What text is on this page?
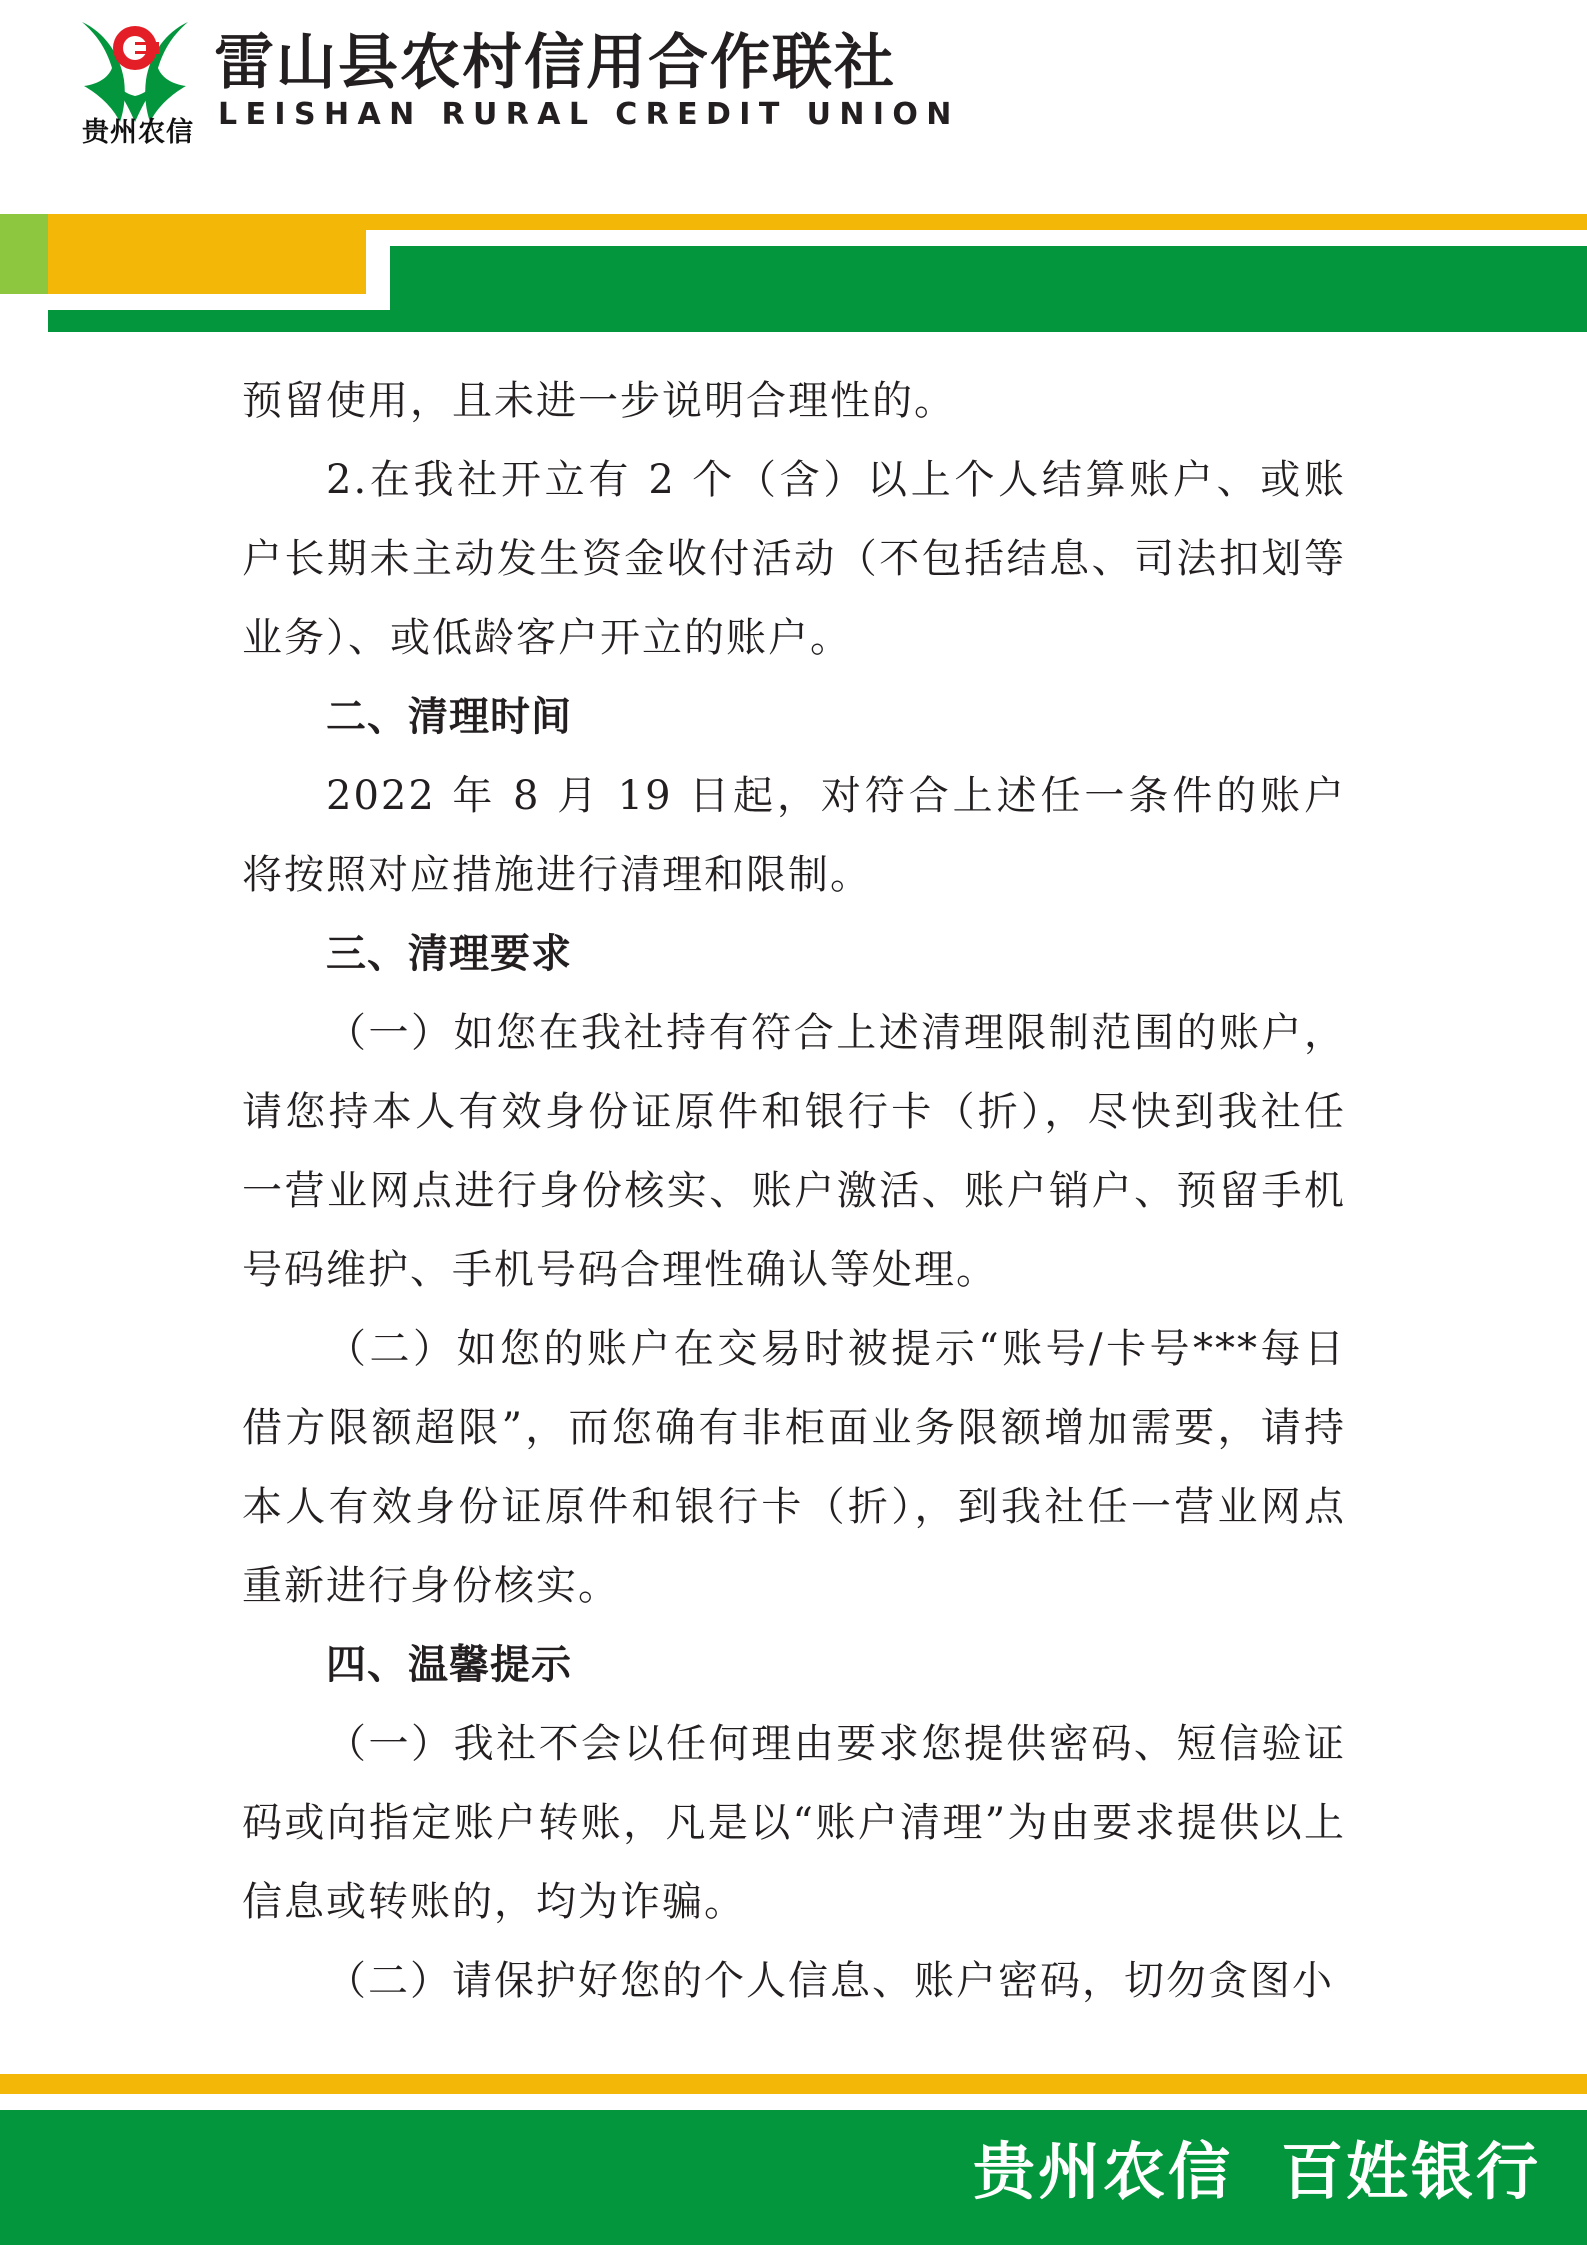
贵州农信
雷山县农村信用合作联社
LEISHAN RURAL CREDIT UNION

预留使用，且未进一步说明合理性的。

2.在我社开立有 2 个（含）以上个人结算账户、或账户长期未主动发生资金收付活动（不包括结息、司法扣划等业务）、或低龄客户开立的账户。

二、清理时间

2022 年 8 月 19 日起，对符合上述任一条件的账户将按照对应措施进行清理和限制。

三、清理要求

（一）如您在我社持有符合上述清理限制范围的账户，请您持本人有效身份证原件和银行卡（折），尽快到我社任一营业网点进行身份核实、账户激活、账户销户、预留手机号码维护、手机号码合理性确认等处理。

（二）如您的账户在交易时被提示“账号/卡号***每日借方限额超限”，而您确有非柜面业务限额增加需要，请持本人有效身份证原件和银行卡（折），到我社任一营业网点重新进行身份核实。

四、温馨提示

（一）我社不会以任何理由要求您提供密码、短信验证码或向指定账户转账，凡是以“账户清理”为由要求提供以上信息或转账的，均为诈骗。

（二）请保护好您的个人信息、账户密码，切勿贪图小

贵州农信 百姓银行
